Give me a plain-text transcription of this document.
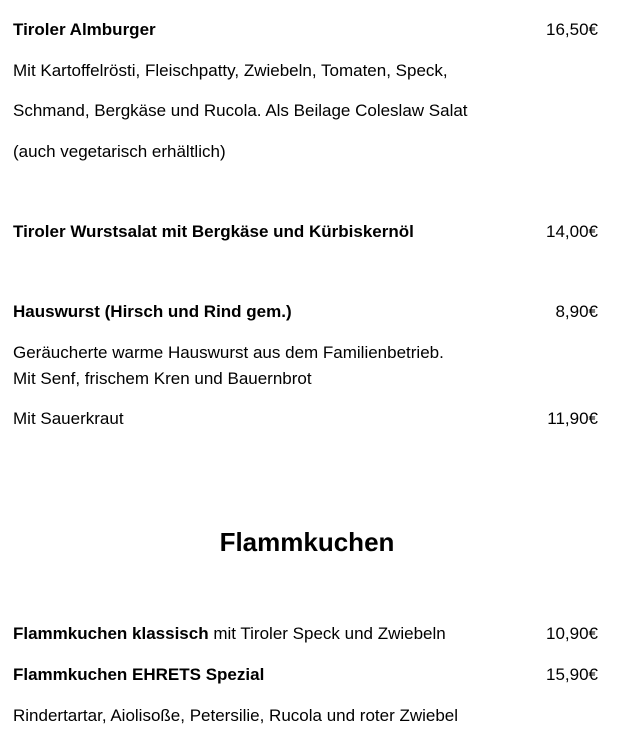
Tiroler Almburger	16,50€
Mit Kartoffelrösti, Fleischpatty, Zwiebeln, Tomaten, Speck,
Schmand, Bergkäse und Rucola. Als Beilage Coleslaw Salat
(auch vegetarisch erhältlich)
Tiroler Wurstsalat mit Bergkäse und Kürbiskernöl	14,00€
Hauswurst (Hirsch und Rind gem.)	8,90€
Geräucherte warme Hauswurst aus dem Familienbetrieb.
Mit Senf, frischem Kren und Bauernbrot
Mit Sauerkraut	11,90€
Flammkuchen
Flammkuchen klassisch mit Tiroler Speck und Zwiebeln	10,90€
Flammkuchen EHRETS Spezial	15,90€
Rindertartar, Aiolisoße, Petersilie, Rucola und roter Zwiebel
